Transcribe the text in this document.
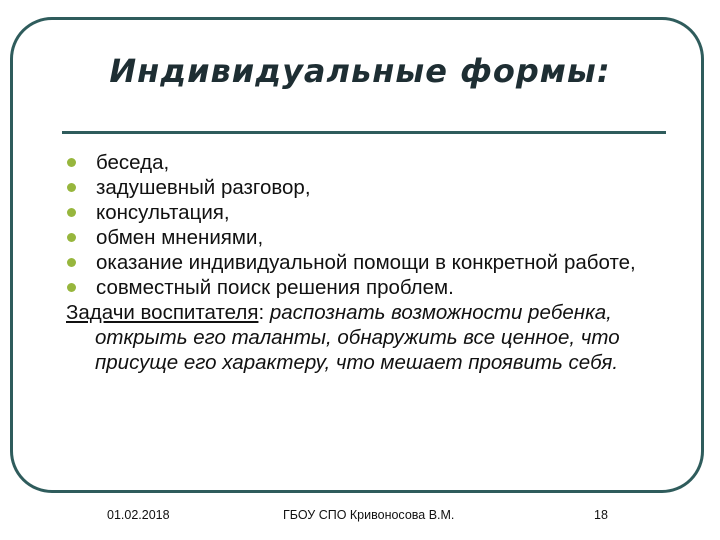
Индивидуальные формы:
беседа,
задушевный разговор,
консультация,
обмен мнениями,
оказание индивидуальной помощи в конкретной работе,
совместный поиск решения проблем.
Задачи воспитателя: распознать возможности ребенка,
открыть его таланты, обнаружить все ценное, что
присуще его характеру, что мешает проявить себя.
01.02.2018	ГБОУ СПО Кривоносова В.М.	18
